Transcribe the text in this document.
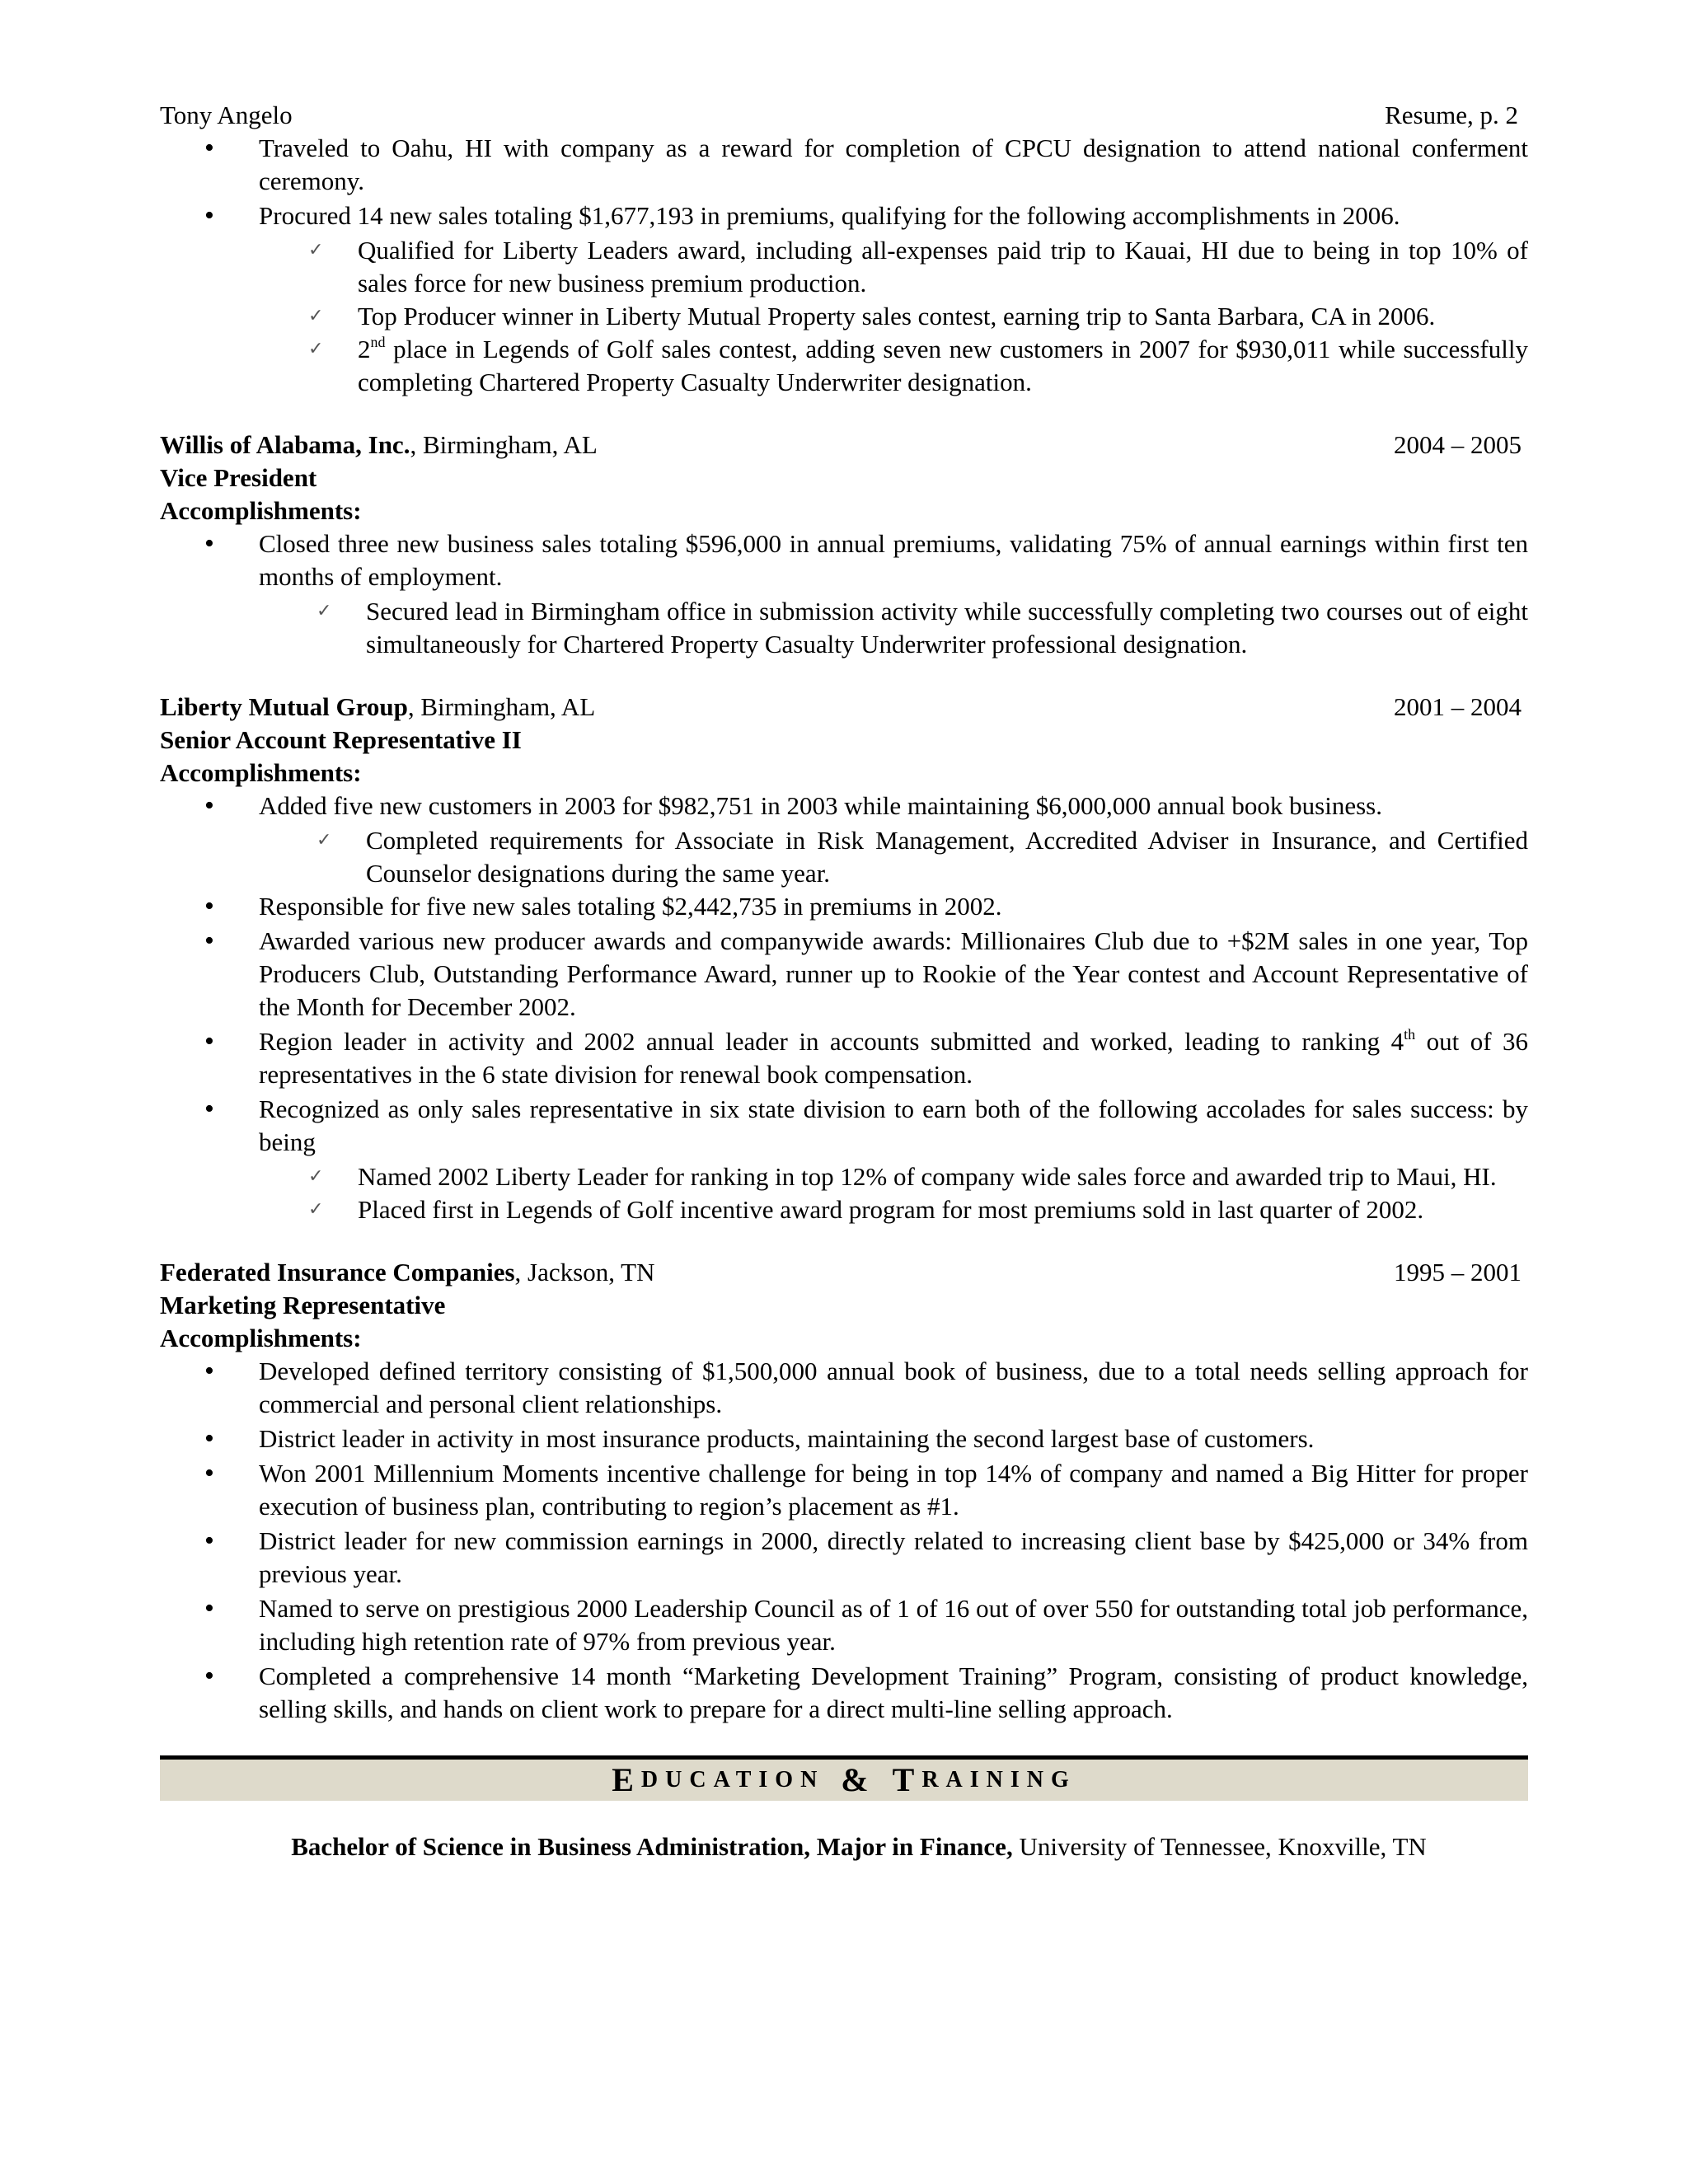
Tony Angelo	Resume, p. 2
• Traveled to Oahu, HI with company as a reward for completion of CPCU designation to attend national conferment ceremony.
• Procured 14 new sales totaling $1,677,193 in premiums, qualifying for the following accomplishments in 2006.
✓ Qualified for Liberty Leaders award, including all-expenses paid trip to Kauai, HI due to being in top 10% of sales force for new business premium production.
✓ Top Producer winner in Liberty Mutual Property sales contest, earning trip to Santa Barbara, CA in 2006.
✓ 2nd place in Legends of Golf sales contest, adding seven new customers in 2007 for $930,011 while successfully completing Chartered Property Casualty Underwriter designation.
Willis of Alabama, Inc., Birmingham, AL	2004 – 2005
Vice President
Accomplishments:
• Closed three new business sales totaling $596,000 in annual premiums, validating 75% of annual earnings within first ten months of employment.
✓ Secured lead in Birmingham office in submission activity while successfully completing two courses out of eight simultaneously for Chartered Property Casualty Underwriter professional designation.
Liberty Mutual Group, Birmingham, AL	2001 – 2004
Senior Account Representative II
Accomplishments:
• Added five new customers in 2003 for $982,751 in 2003 while maintaining $6,000,000 annual book business.
✓ Completed requirements for Associate in Risk Management, Accredited Adviser in Insurance, and Certified Counselor designations during the same year.
• Responsible for five new sales totaling $2,442,735 in premiums in 2002.
• Awarded various new producer awards and companywide awards: Millionaires Club due to +$2M sales in one year, Top Producers Club, Outstanding Performance Award, runner up to Rookie of the Year contest and Account Representative of the Month for December 2002.
• Region leader in activity and 2002 annual leader in accounts submitted and worked, leading to ranking 4th out of 36 representatives in the 6 state division for renewal book compensation.
• Recognized as only sales representative in six state division to earn both of the following accolades for sales success: by being
✓ Named 2002 Liberty Leader for ranking in top 12% of company wide sales force and awarded trip to Maui, HI.
✓ Placed first in Legends of Golf incentive award program for most premiums sold in last quarter of 2002.
Federated Insurance Companies, Jackson, TN	1995 – 2001
Marketing Representative
Accomplishments:
• Developed defined territory consisting of $1,500,000 annual book of business, due to a total needs selling approach for commercial and personal client relationships.
• District leader in activity in most insurance products, maintaining the second largest base of customers.
• Won 2001 Millennium Moments incentive challenge for being in top 14% of company and named a Big Hitter for proper execution of business plan, contributing to region’s placement as #1.
• District leader for new commission earnings in 2000, directly related to increasing client base by $425,000 or 34% from previous year.
• Named to serve on prestigious 2000 Leadership Council as of 1 of 16 out of over 550 for outstanding total job performance, including high retention rate of 97% from previous year.
• Completed a comprehensive 14 month “Marketing Development Training” Program, consisting of product knowledge, selling skills, and hands on client work to prepare for a direct multi-line selling approach.
E DUCATION & T RAINING
Bachelor of Science in Business Administration, Major in Finance, University of Tennessee, Knoxville, TN
